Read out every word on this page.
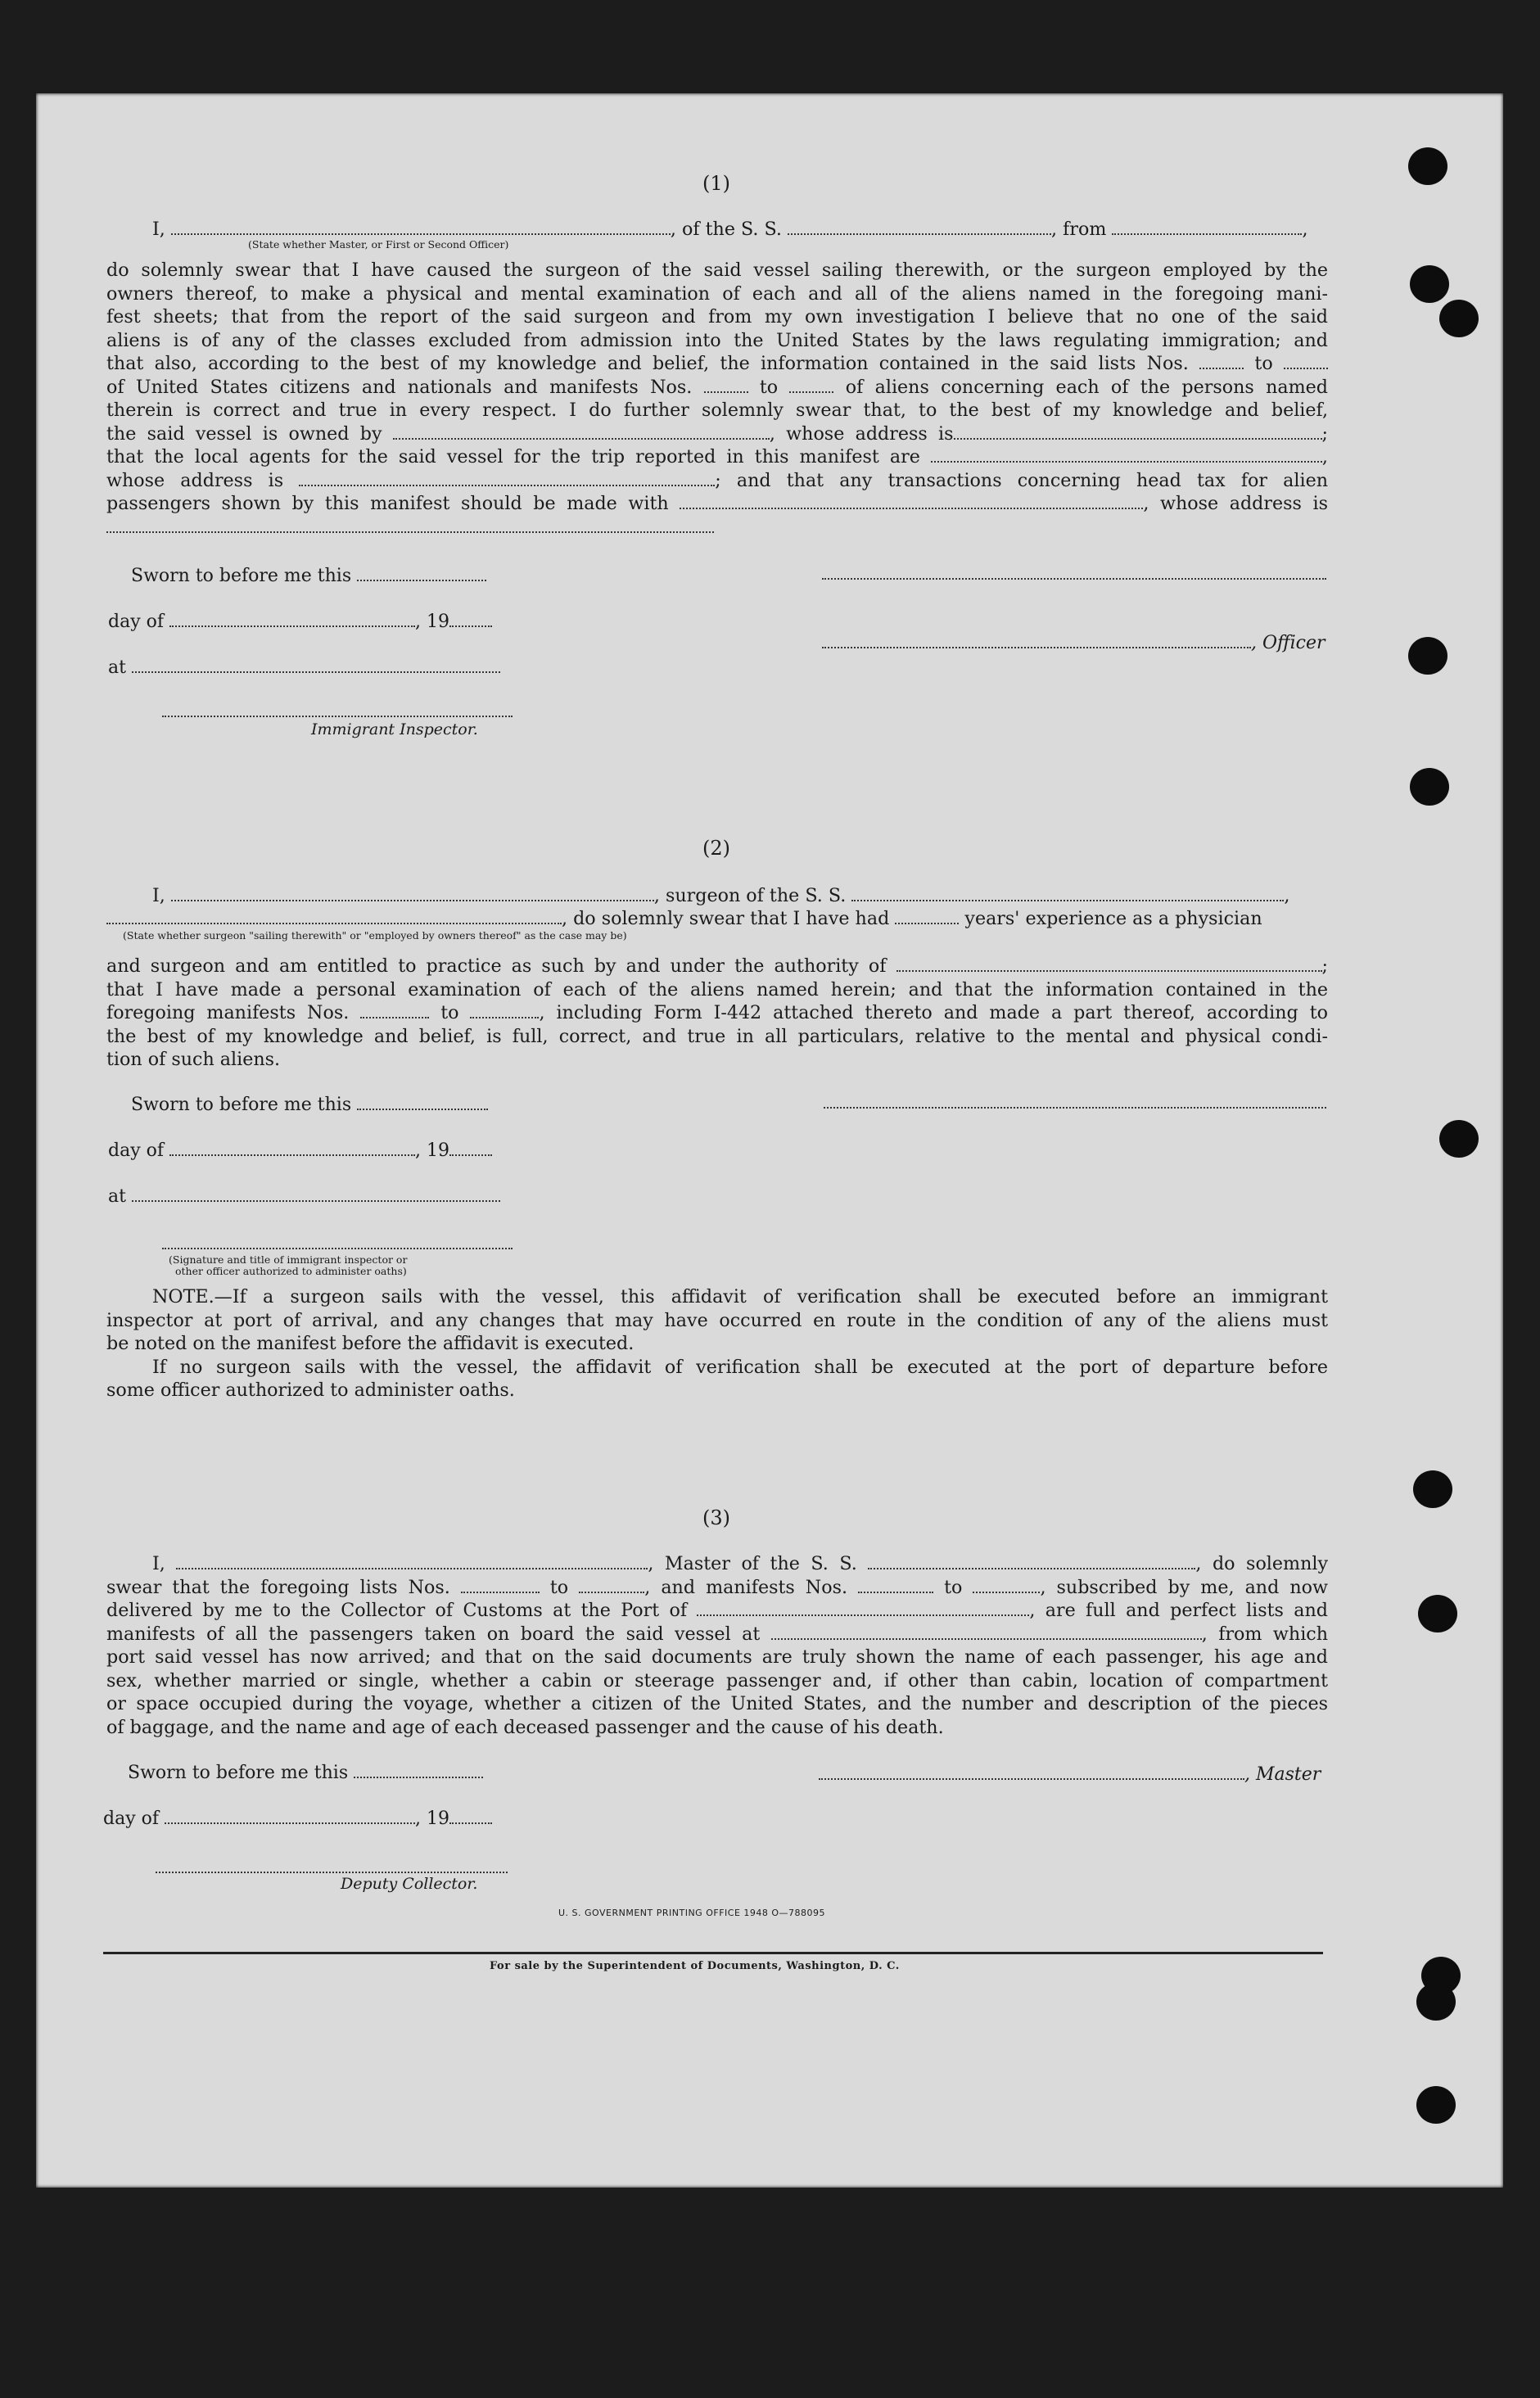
(1)
I,	, of the S. S.	, from	,
(State whether Master, or First or Second Officer)

do solemnly swear that I have caused the surgeon of the said vessel sailing therewith, or the surgeon employed by the

owners thereof, to make a physical and mental examination of each and all of the aliens named in the foregoing mani-

fest sheets; that from the report of the said surgeon and from my own investigation I believe that no one of the said

aliens is of any of the classes excluded from admission into the United States by the laws regulating immigration; and

that also, according to the best of my knowledge and belief, the information contained in the said lists Nos.	to

of United States citizens and nationals and manifests Nos.	to	of aliens concerning each of the persons named

therein is correct and true in every respect. I do further solemnly swear that, to the best of my knowledge and belief,

the said vessel is owned by	, whose address is	;

that the local agents for the said vessel for the trip reported in this manifest are	,

whose address is	; and that any transactions concerning head tax for alien

passengers shown by this manifest should be made with	, whose address is

Sworn to before me this
day of	, 19
at
Immigrant Inspector.
, Officer
(2)
I,	, surgeon of the S. S.	,
, do solemnly swear that I have had	years' experience as a physician
(State whether surgeon "sailing therewith" or "employed by owners thereof" as the case may be)

and surgeon and am entitled to practice as such by and under the authority of	;

that I have made a personal examination of each of the aliens named herein; and that the information contained in the

foregoing manifests Nos.	to	, including Form I-442 attached thereto and made a part thereof, according to

the best of my knowledge and belief, is full, correct, and true in all particulars, relative to the mental and physical condi-

tion of such aliens.

Sworn to before me this
day of	, 19
at
(Signature and title of immigrant inspector or
other officer authorized to administer oaths)

NOTE.—If a surgeon sails with the vessel, this affidavit of verification shall be executed before an immigrant

inspector at port of arrival, and any changes that may have occurred en route in the condition of any of the aliens must

be noted on the manifest before the affidavit is executed.

If no surgeon sails with the vessel, the affidavit of verification shall be executed at the port of departure before

some officer authorized to administer oaths.

(3)

I,	, Master of the S. S.	, do solemnly

swear that the foregoing lists Nos.	to	, and manifests Nos.	to	, subscribed by me, and now

delivered by me to the Collector of Customs at the Port of	, are full and perfect lists and

manifests of all the passengers taken on board the said vessel at	, from which

port said vessel has now arrived; and that on the said documents are truly shown the name of each passenger, his age and

sex, whether married or single, whether a cabin or steerage passenger and, if other than cabin, location of compartment

or space occupied during the voyage, whether a citizen of the United States, and the number and description of the pieces

of baggage, and the name and age of each deceased passenger and the cause of his death.

Sworn to before me this	, Master
day of	, 19
Deputy Collector.
U. S. GOVERNMENT PRINTING OFFICE 1948 O—788095
For sale by the Superintendent of Documents, Washington, D. C.
